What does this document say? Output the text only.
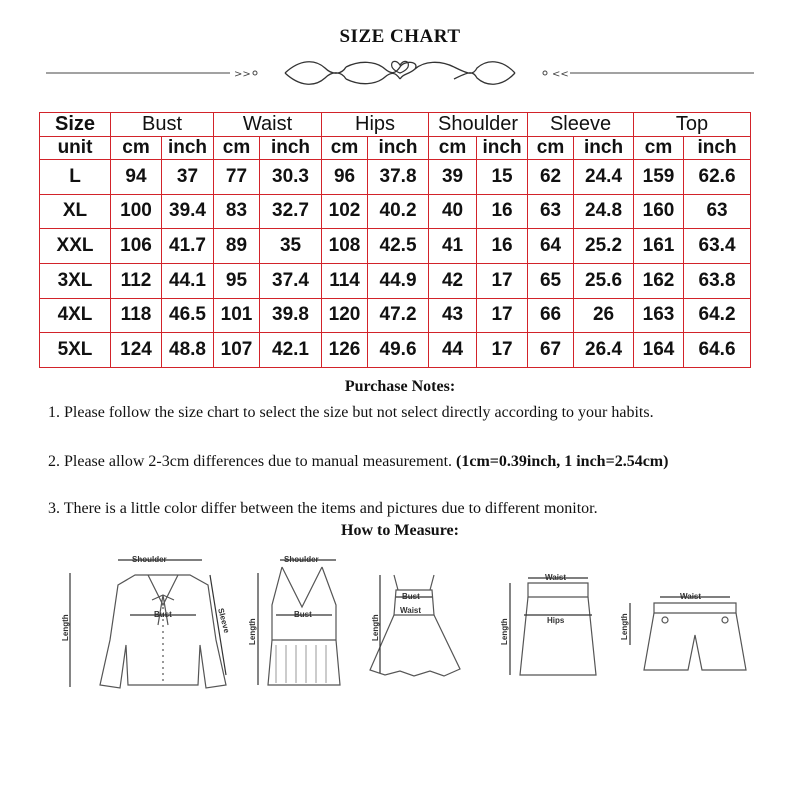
SIZE CHART
>>	<<
Size	Bust		Waist		Hips		Shoulder		Sleeve		Top	
unit	cm	inch	cm	inch	cm	inch	cm	inch	cm	inch	cm	inch
L	94	37	77	30.3	96	37.8	39	15	62	24.4	159	62.6
XL	100	39.4	83	32.7	102	40.2	40	16	63	24.8	160	63
XXL	106	41.7	89	35	108	42.5	41	16	64	25.2	161	63.4
3XL	112	44.1	95	37.4	114	44.9	42	17	65	25.6	162	63.8
4XL	118	46.5	101	39.8	120	47.2	43	17	66	26	163	64.2
5XL	124	48.8	107	42.1	126	49.6	44	17	67	26.4	164	64.6
Purchase Notes:
1. Please follow the size chart to select the size but not select directly according to your habits.
2. Please allow 2-3cm differences due to manual measurement. (1cm=0.39inch, 1 inch=2.54cm)
3. There is a little color differ between the items and pictures due to different monitor.
How to Measure:
Shoulder
Bust
Length	Sleeve
Shoulder
Bust
Length
Bust
Waist
Length
Waist
Hips
Length
Waist
Length
